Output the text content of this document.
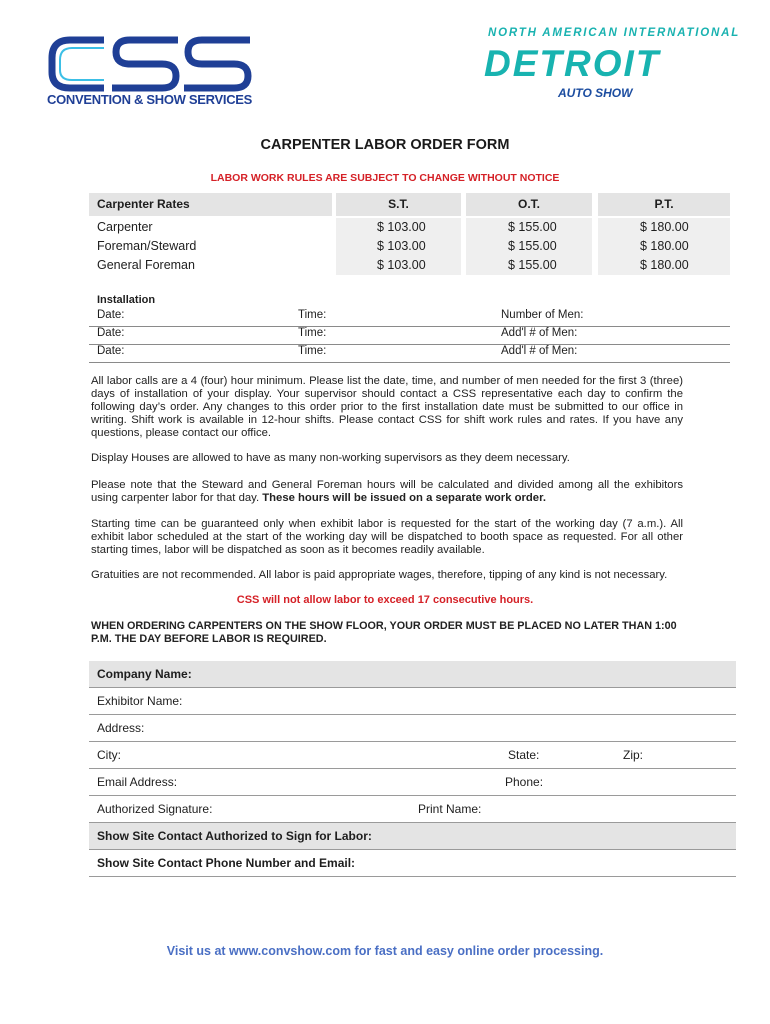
CONVENTION & SHOW SERVICES
NORTH AMERICAN INTERNATIONAL
DETROIT
AUTO SHOW
CARPENTER LABOR ORDER FORM
LABOR WORK RULES ARE SUBJECT TO CHANGE WITHOUT NOTICE
Carpenter Rates	S.T.	O.T.	P.T.
Carpenter	$ 103.00	$ 155.00	$ 180.00
Foreman/Steward	$ 103.00	$ 155.00	$ 180.00
General Foreman	$ 103.00	$ 155.00	$ 180.00
Installation
Date:	Time:	Number of Men:
Date:	Time:	Add'l # of Men:
Date:	Time:	Add'l # of Men:
All labor calls are a 4 (four) hour minimum. Please list the date, time, and number of men needed for the first 3 (three) days of installation of your display. Your supervisor should contact a CSS representative each day to confirm the following day’s order. Any changes to this order prior to the first installation date must be submitted to our office in writing. Shift work is available in 12-hour shifts. Please contact CSS for shift work rules and rates. If you have any questions, please contact our office.
Display Houses are allowed to have as many non-working supervisors as they deem necessary.
Please note that the Steward and General Foreman hours will be calculated and divided among all the exhibitors using carpenter labor for that day. These hours will be issued on a separate work order.
Starting time can be guaranteed only when exhibit labor is requested for the start of the working day (7 a.m.). All exhibit labor scheduled at the start of the working day will be dispatched to booth space as requested. For all other starting times, labor will be dispatched as soon as it becomes readily available.
Gratuities are not recommended. All labor is paid appropriate wages, therefore, tipping of any kind is not necessary.
CSS will not allow labor to exceed 17 consecutive hours.
WHEN ORDERING CARPENTERS ON THE SHOW FLOOR, YOUR ORDER MUST BE PLACED NO LATER THAN 1:00 P.M. THE DAY BEFORE LABOR IS REQUIRED.
Company Name:
Exhibitor Name:
Address:
City:	State:	Zip:
Email Address:	Phone:
Authorized Signature:	Print Name:
Show Site Contact Authorized to Sign for Labor:
Show Site Contact Phone Number and Email:
Visit us at www.convshow.com for fast and easy online order processing.
